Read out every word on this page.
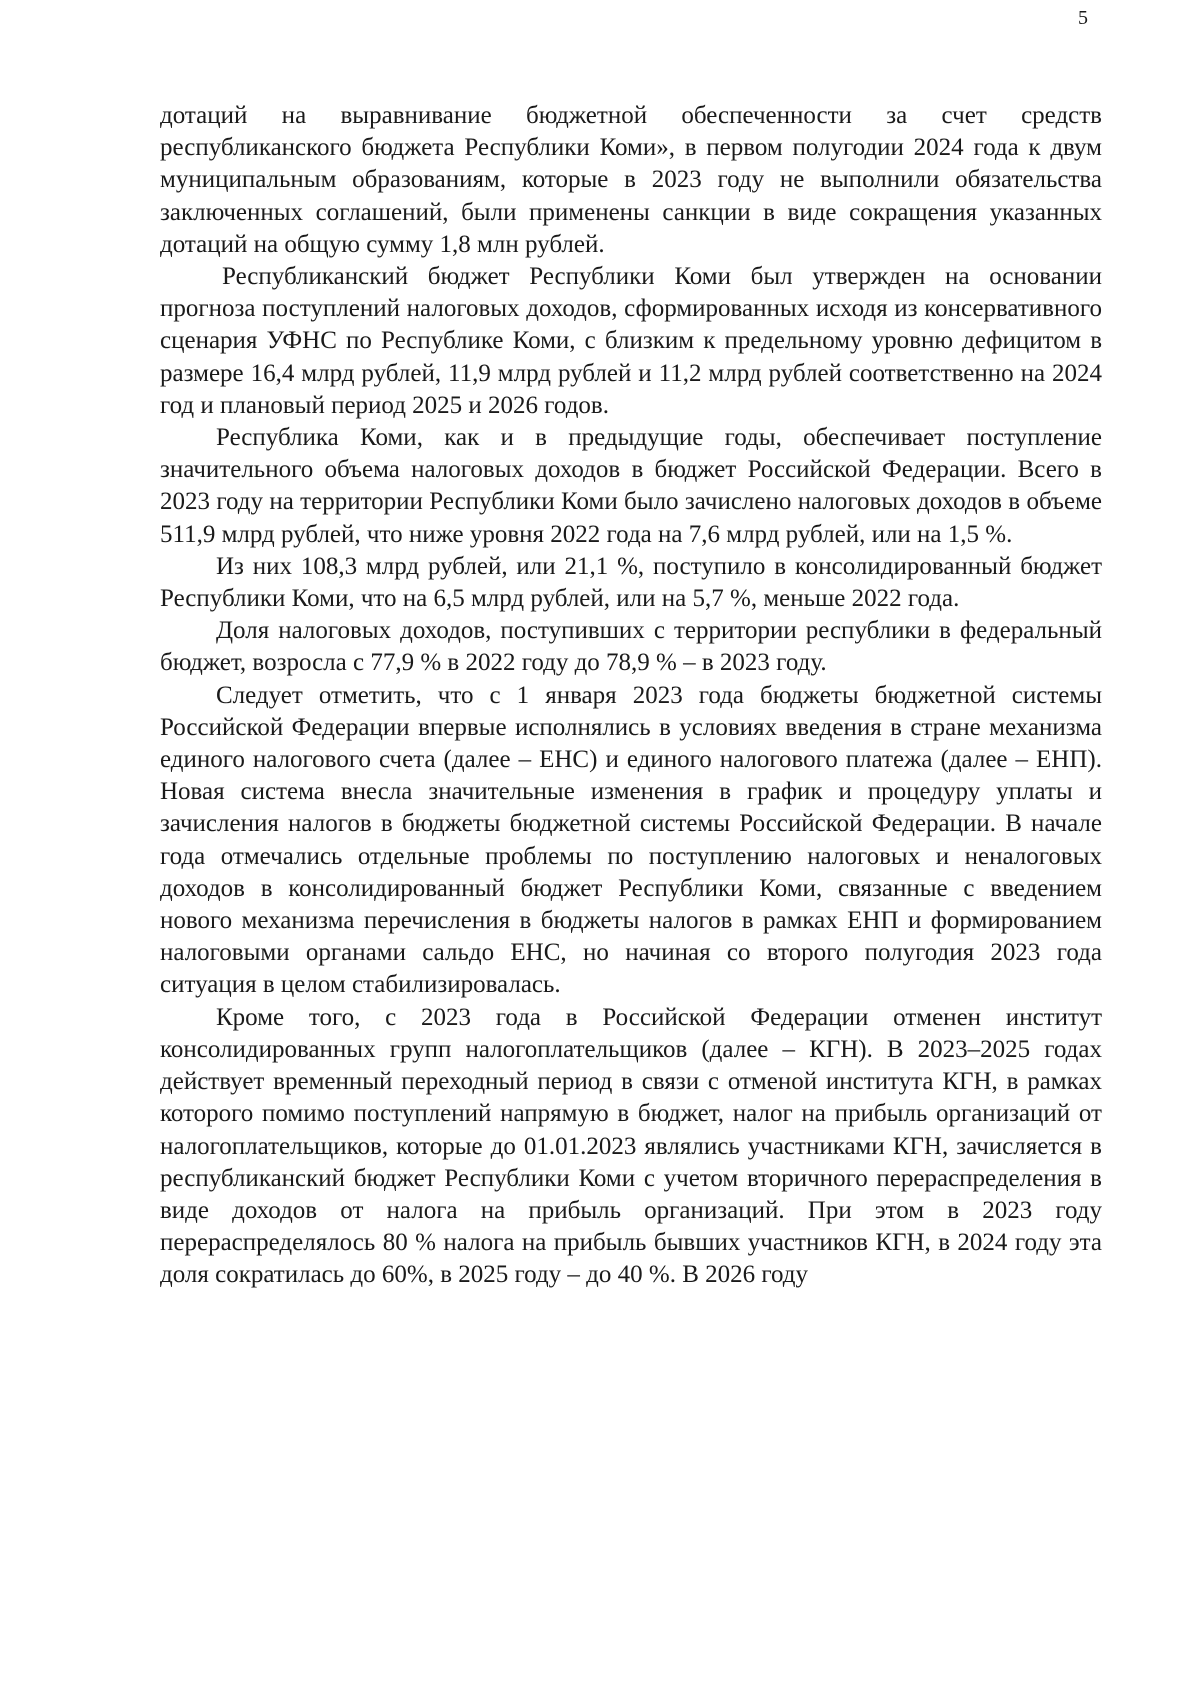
5

дотаций на выравнивание бюджетной обеспеченности за счет средств республиканского бюджета Республики Коми», в первом полугодии 2024 года к двум муниципальным образованиям, которые в 2023 году не выполнили обязательства заключенных соглашений, были применены санкции в виде сокращения указанных дотаций на общую сумму 1,8 млн рублей.

Республиканский бюджет Республики Коми был утвержден на основании прогноза поступлений налоговых доходов, сформированных исходя из консервативного сценария УФНС по Республике Коми, с близким к предельному уровню дефицитом в размере 16,4 млрд рублей, 11,9 млрд рублей и 11,2 млрд рублей соответственно на 2024 год и плановый период 2025 и 2026 годов.

Республика Коми, как и в предыдущие годы, обеспечивает поступление значительного объема налоговых доходов в бюджет Российской Федерации. Всего в 2023 году на территории Республики Коми было зачислено налоговых доходов в объеме 511,9 млрд рублей, что ниже уровня 2022 года на 7,6 млрд рублей, или на 1,5 %.

Из них 108,3 млрд рублей, или 21,1 %, поступило в консолидированный бюджет Республики Коми, что на 6,5 млрд рублей, или на 5,7 %, меньше 2022 года.

Доля налоговых доходов, поступивших с территории республики в федеральный бюджет, возросла с 77,9 % в 2022 году до 78,9 % – в 2023 году.

Следует отметить, что с 1 января 2023 года бюджеты бюджетной системы Российской Федерации впервые исполнялись в условиях введения в стране механизма единого налогового счета (далее – ЕНС) и единого налогового платежа (далее – ЕНП). Новая система внесла значительные изменения в график и процедуру уплаты и зачисления налогов в бюджеты бюджетной системы Российской Федерации. В начале года отмечались отдельные проблемы по поступлению налоговых и неналоговых доходов в консолидированный бюджет Республики Коми, связанные с введением нового механизма перечисления в бюджеты налогов в рамках ЕНП и формированием налоговыми органами сальдо ЕНС, но начиная со второго полугодия 2023 года ситуация в целом стабилизировалась.

Кроме того, с 2023 года в Российской Федерации отменен институт консолидированных групп налогоплательщиков (далее – КГН). В 2023–2025 годах действует временный переходный период в связи с отменой института КГН, в рамках которого помимо поступлений напрямую в бюджет, налог на прибыль организаций от налогоплательщиков, которые до 01.01.2023 являлись участниками КГН, зачисляется в республиканский бюджет Республики Коми с учетом вторичного перераспределения в виде доходов от налога на прибыль организаций. При этом в 2023 году перераспределялось 80 % налога на прибыль бывших участников КГН, в 2024 году эта доля сократилась до 60%, в 2025 году – до 40 %. В 2026 году
